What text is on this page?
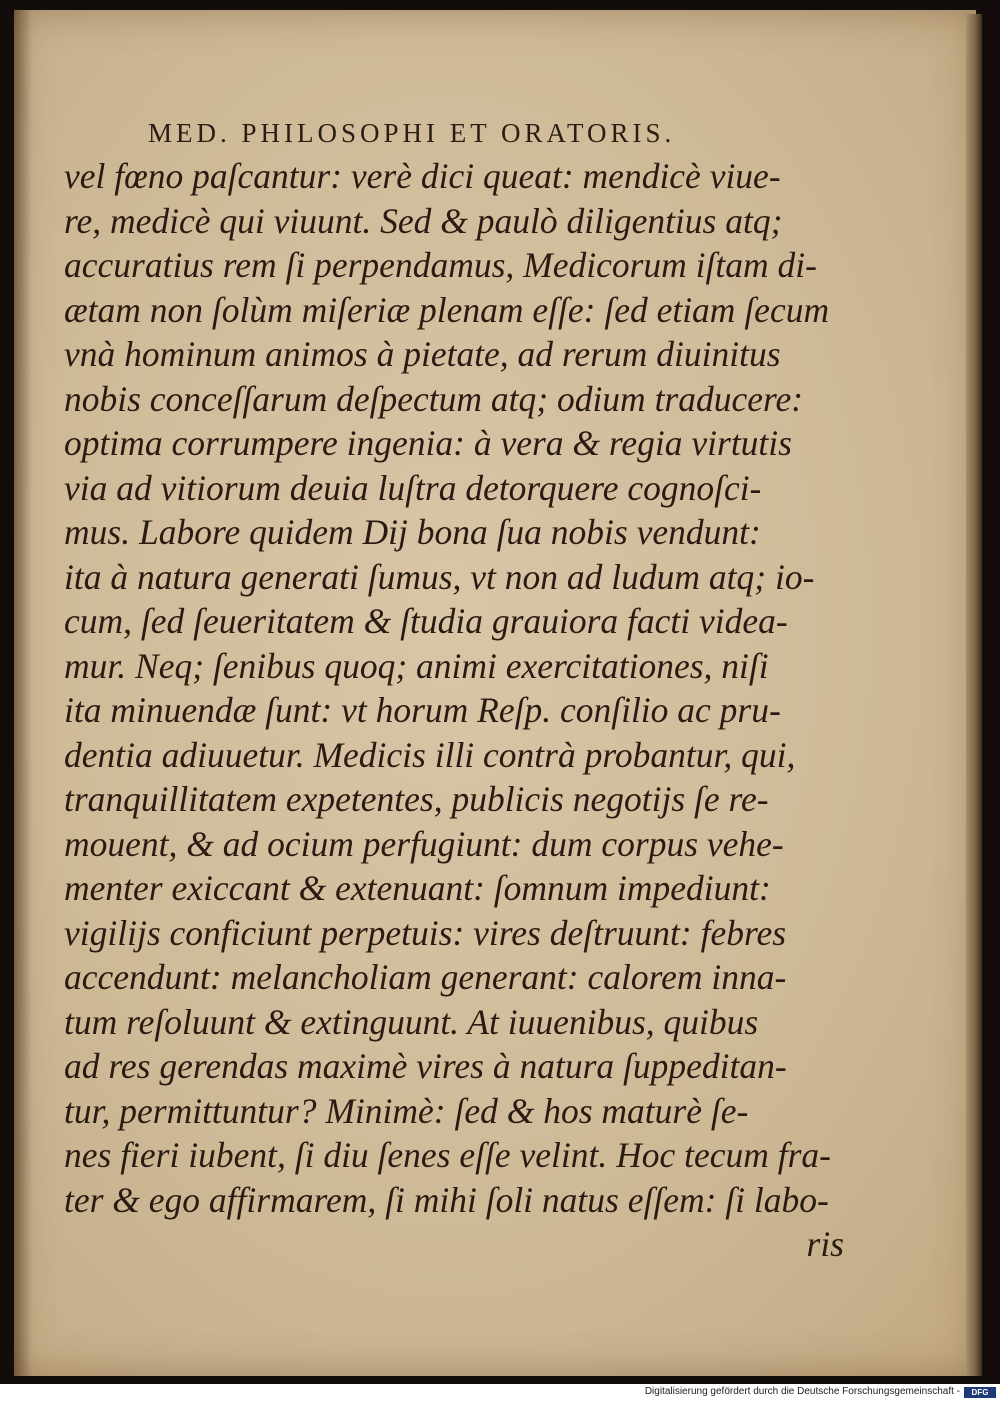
MED. PHILOSOPHI ET ORATORIS.
vel fœno paſcantur: verè dici queat: mendicè viue-
re, medicè qui viuunt. Sed & paulò diligentius atq;
accuratius rem ſi perpendamus, Medicorum iſtam di-
ætam non ſolùm miſeriæ plenam eſſe: ſed etiam ſecum
vnà hominum animos à pietate, ad rerum diuinitus
nobis conceſſarum deſpectum atq; odium traducere:
optima corrumpere ingenia: à vera & regia virtutis
via ad vitiorum deuia luſtra detorquere cognoſci-
mus. Labore quidem Dij bona ſua nobis vendunt:
ita à natura generati ſumus, vt non ad ludum atq; io-
cum, ſed ſeueritatem & ſtudia grauiora facti videa-
mur. Neq; ſenibus quoq; animi exercitationes, niſi
ita minuendæ ſunt: vt horum Reſp. conſilio ac pru-
dentia adiuuetur. Medicis illi contrà probantur, qui,
tranquillitatem expetentes, publicis negotijs ſe re-
mouent, & ad ocium perfugiunt: dum corpus vehe-
menter exiccant & extenuant: ſomnum impediunt:
vigilijs conficiunt perpetuis: vires deſtruunt: febres
accendunt: melancholiam generant: calorem inna-
tum reſoluunt & extinguunt. At iuuenibus, quibus
ad res gerendas maximè vires à natura ſuppeditan-
tur, permittuntur? Minimè: ſed & hos maturè ſe-
nes fieri iubent, ſi diu ſenes eſſe velint. Hoc tecum fra-
ter & ego affirmarem, ſi mihi ſoli natus eſſem: ſi labo-
ris
Digitalisierung gefördert durch die Deutsche Forschungsgemeinschaft -	DFG
